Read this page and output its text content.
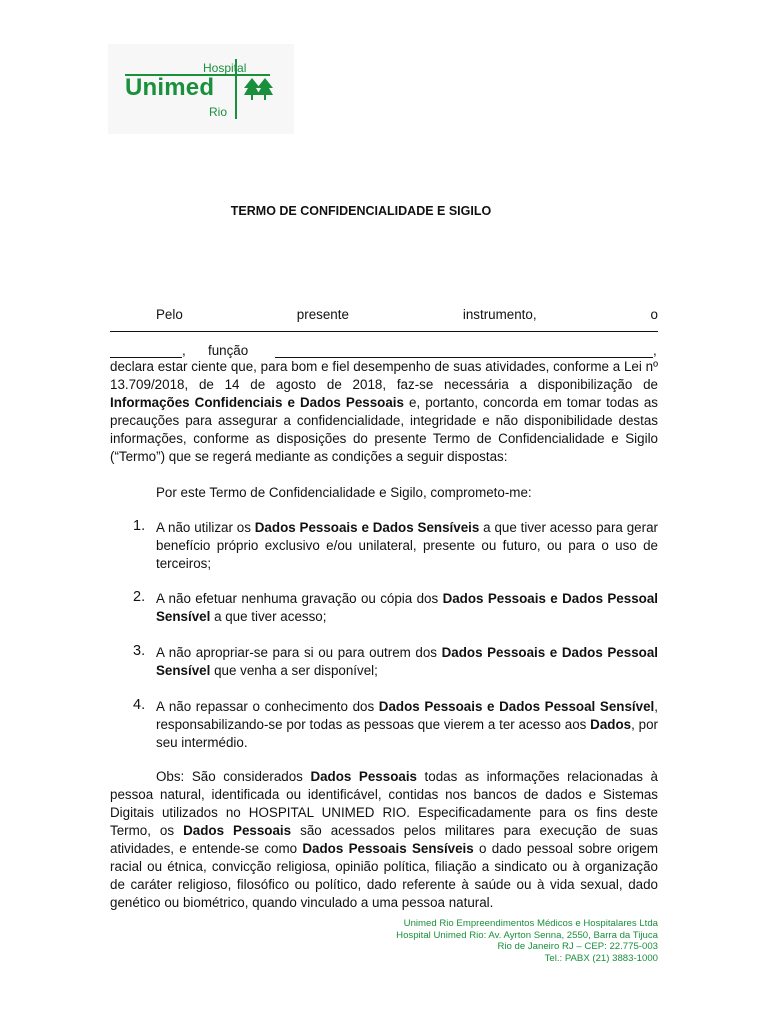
Hospital
Unimed
Rio
TERMO DE CONFIDENCIALIDADE E SIGILO
Pelo	presente	instrumento,	o
, função	,
declara estar ciente que, para bom e fiel desempenho de suas atividades, conforme a Lei nº 13.709/2018, de 14 de agosto de 2018, faz-se necessária a disponibilização de Informações Confidenciais e Dados Pessoais e, portanto, concorda em tomar todas as precauções para assegurar a confidencialidade, integridade e não disponibilidade destas informações, conforme as disposições do presente Termo de Confidencialidade e Sigilo (“Termo”) que se regerá mediante as condições a seguir dispostas:
Por este Termo de Confidencialidade e Sigilo, comprometo-me:
1. A não utilizar os Dados Pessoais e Dados Sensíveis a que tiver acesso para gerar benefício próprio exclusivo e/ou unilateral, presente ou futuro, ou para o uso de terceiros;
2. A não efetuar nenhuma gravação ou cópia dos Dados Pessoais e Dados Pessoal Sensível a que tiver acesso;
3. A não apropriar-se para si ou para outrem dos Dados Pessoais e Dados Pessoal Sensível que venha a ser disponível;
4. A não repassar o conhecimento dos Dados Pessoais e Dados Pessoal Sensível, responsabilizando-se por todas as pessoas que vierem a ter acesso aos Dados, por seu intermédio.
Obs: São considerados Dados Pessoais todas as informações relacionadas à pessoa natural, identificada ou identificável, contidas nos bancos de dados e Sistemas Digitais utilizados no HOSPITAL UNIMED RIO. Especificadamente para os fins deste Termo, os Dados Pessoais são acessados pelos militares para execução de suas atividades, e entende-se como Dados Pessoais Sensíveis o dado pessoal sobre origem racial ou étnica, convicção religiosa, opinião política, filiação a sindicato ou à organização de caráter religioso, filosófico ou político, dado referente à saúde ou à vida sexual, dado genético ou biométrico, quando vinculado a uma pessoa natural.
Unimed Rio Empreendimentos Médicos e Hospitalares Ltda
Hospital Unimed Rio: Av. Ayrton Senna, 2550, Barra da Tijuca
Rio de Janeiro RJ – CEP: 22.775-003
Tel.: PABX (21) 3883-1000
